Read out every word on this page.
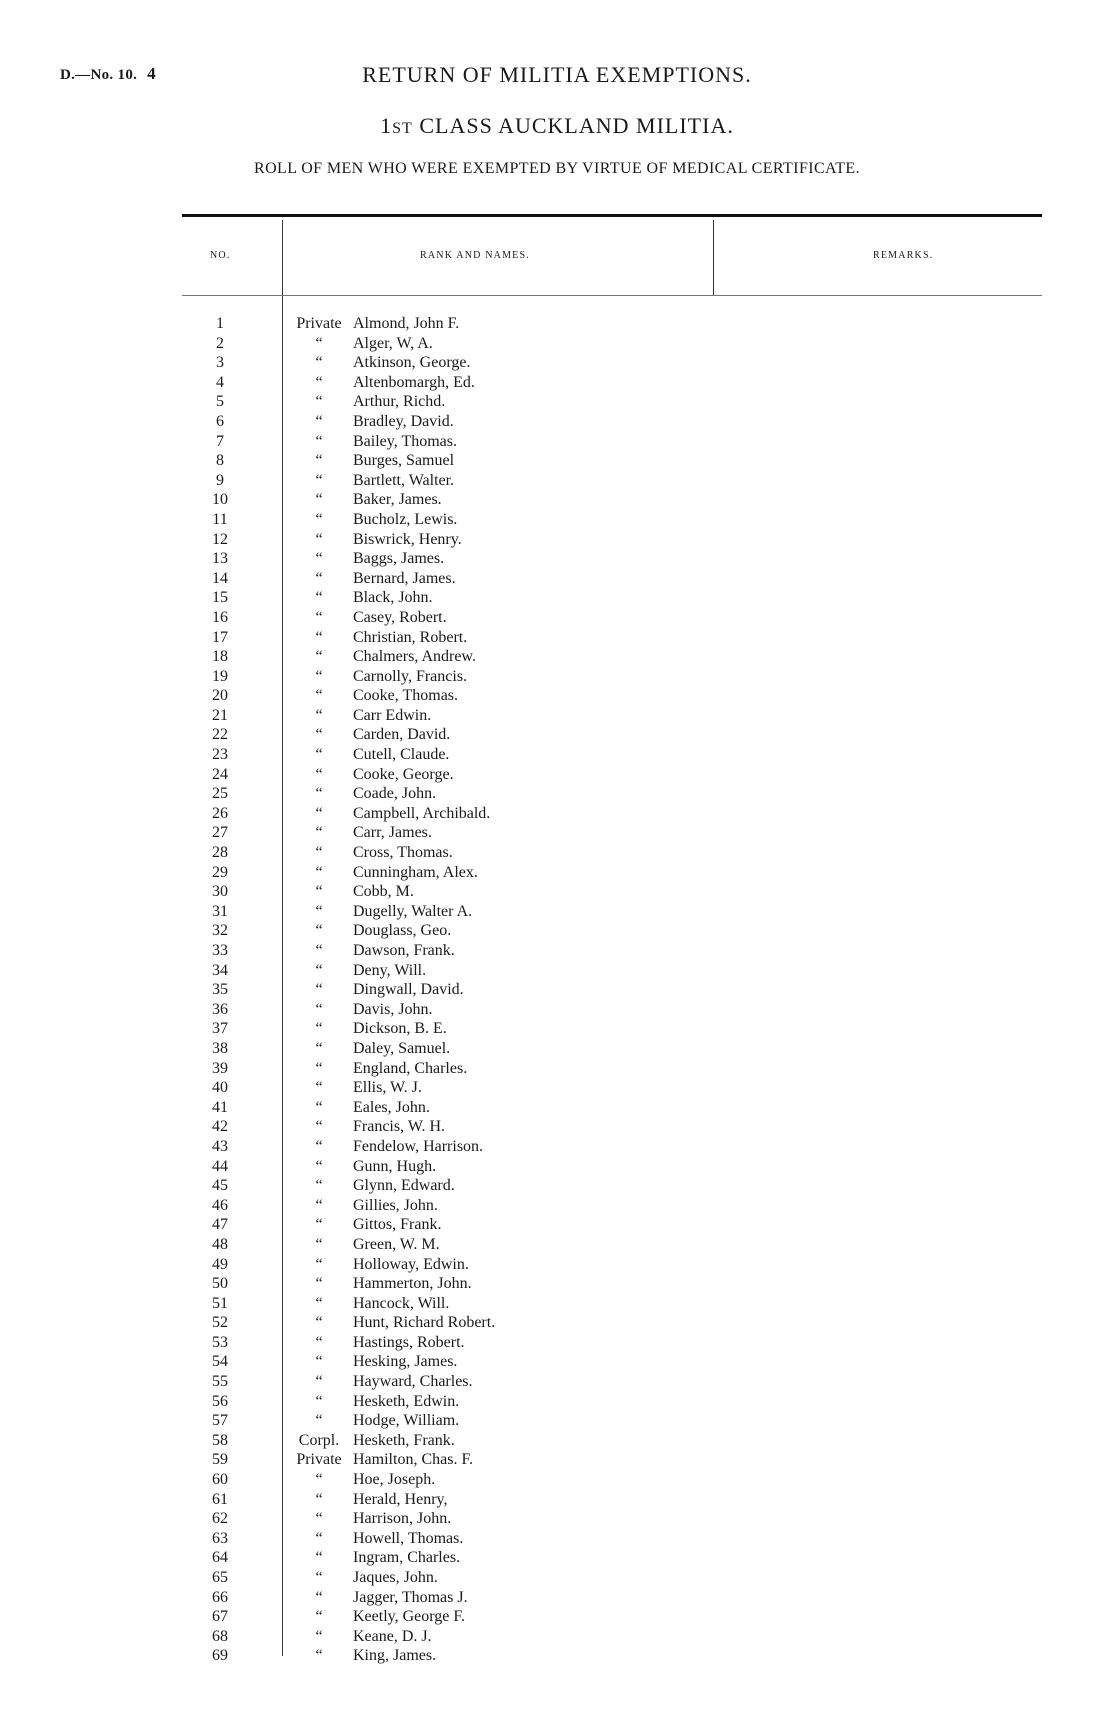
D.—No. 10. 4	RETURN OF MILITIA EXEMPTIONS.
1ST CLASS AUCKLAND MILITIA.
ROLL OF MEN WHO WERE EXEMPTED BY VIRTUE OF MEDICAL CERTIFICATE.
NO.	RANK AND NAMES.	REMARKS.
1	Private Almond, John F.
2	“	Alger, W, A.
3	“	Atkinson, George.
4	“	Altenbomargh, Ed.
5	“	Arthur, Richd.
6	“	Bradley, David.
7	“	Bailey, Thomas.
8	“	Burges, Samuel
9	“	Bartlett, Walter.
10	“	Baker, James.
11	“	Bucholz, Lewis.
12	“	Biswrick, Henry.
13	“	Baggs, James.
14	“	Bernard, James.
15	“	Black, John.
16	“	Casey, Robert.
17	“	Christian, Robert.
18	“	Chalmers, Andrew.
19	“	Carnolly, Francis.
20	“	Cooke, Thomas.
21	“	Carr Edwin.
22	“	Carden, David.
23	“	Cutell, Claude.
24	“	Cooke, George.
25	“	Coade, John.
26	“	Campbell, Archibald.
27	“	Carr, James.
28	“	Cross, Thomas.
29	“	Cunningham, Alex.
30	“	Cobb, M.
31	“	Dugelly, Walter A.
32	“	Douglass, Geo.
33	“	Dawson, Frank.
34	“	Deny, Will.
35	“	Dingwall, David.
36	“	Davis, John.
37	“	Dickson, B. E.
38	“	Daley, Samuel.
39	“	England, Charles.
40	“	Ellis, W. J.
41	“	Eales, John.
42	“	Francis, W. H.
43	“	Fendelow, Harrison.
44	“	Gunn, Hugh.
45	“	Glynn, Edward.
46	“	Gillies, John.
47	“	Gittos, Frank.
48	“	Green, W. M.
49	“	Holloway, Edwin.
50	“	Hammerton, John.
51	“	Hancock, Will.
52	“	Hunt, Richard Robert.
53	“	Hastings, Robert.
54	“	Hesking, James.
55	“	Hayward, Charles.
56	“	Hesketh, Edwin.
57	“	Hodge, William.
58	Corpl. Hesketh, Frank.
59	Private Hamilton, Chas. F.
60	“	Hoe, Joseph.
61	“	Herald, Henry,
62	“	Harrison, John.
63	“	Howell, Thomas.
64	“	Ingram, Charles.
65	“	Jaques, John.
66	“	Jagger, Thomas J.
67	“	Keetly, George F.
68	“	Keane, D. J.
69	“	King, James.
